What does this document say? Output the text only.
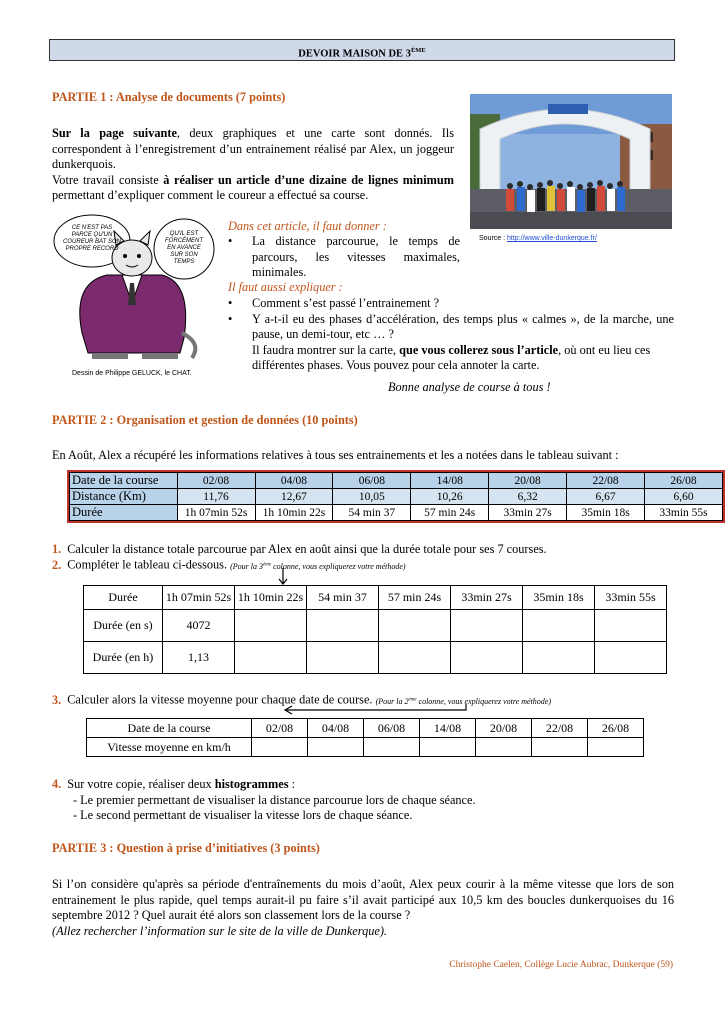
DEVOIR MAISON DE 3ÈME
PARTIE 1 : Analyse de documents (7 points)
Sur la page suivante, deux graphiques et une carte sont donnés. Ils correspondent à l’enregistrement d’un entrainement réalisé par Alex, un joggeur dunkerquois.
Votre travail consiste à réaliser un article d’une dizaine de lignes minimum permettant d’expliquer comment le coureur a effectué sa course.
Source : http://www.ville-dunkerque.fr/
CE N'EST PAS PARCE QU'UN COUREUR BAT SON PROPRE RECORD
QU'IL EST FORCÉMENT EN AVANCE SUR SON TEMPS
Dessin de Philippe GELUCK, le CHAT.
Dans cet article, il faut donner :
•	La distance parcourue, le temps de parcours, les vitesses maximales, minimales.
Il faut aussi expliquer :
• Comment s’est passé l’entrainement ?
• Y a-t-il eu des phases d’accélération, des temps plus « calmes », de la marche, une pause, un demi-tour, etc … ?
Il faudra montrer sur la carte, que vous collerez sous l’article, où ont eu lieu ces différentes phases. Vous pouvez pour cela annoter la carte.
Bonne analyse de course à tous !
PARTIE 2 : Organisation et gestion de données (10 points)
En Août, Alex a récupéré les informations relatives à tous ses entrainements et les a notées dans le tableau suivant :
Date de la course	02/08	04/08	06/08	14/08	20/08	22/08	26/08
Distance (Km)	11,76	12,67	10,05	10,26	6,32	6,67	6,60
Durée	1h 07min 52s	1h 10min 22s	54 min 37	57 min 24s	33min 27s	35min 18s	33min 55s
1. Calculer la distance totale parcourue par Alex en août ainsi que la durée totale pour ses 7 courses.
2. Compléter le tableau ci-dessous. (Pour la 3ème colonne, vous expliquerez votre méthode)
Durée	1h 07min 52s	1h 10min 22s	54 min 37	57 min 24s	33min 27s	35min 18s	33min 55s
Durée (en s)	4072						
Durée (en h)	1,13						
3. Calculer alors la vitesse moyenne pour chaque date de course. (Pour la 2ème colonne, vous expliquerez votre méthode)
Date de la course	02/08	04/08	06/08	14/08	20/08	22/08	26/08
Vitesse moyenne en km/h							
4. Sur votre copie, réaliser deux histogrammes :
- Le premier permettant de visualiser la distance parcourue lors de chaque séance.
- Le second permettant de visualiser la vitesse lors de chaque séance.
PARTIE 3 : Question à prise d’initiatives (3 points)
Si l’on considère qu'après sa période d'entraînements du mois d’août, Alex peux courir à la même vitesse que lors de son entrainement le plus rapide, quel temps aurait-il pu faire s’il avait participé aux 10,5 km des boucles dunkerquoises du 16 septembre 2012 ? Quel aurait été alors son classement lors de la course ?
(Allez rechercher l’information sur le site de la ville de Dunkerque).
Christophe Caelen, Collège Lucie Aubrac, Dunkerque (59)
